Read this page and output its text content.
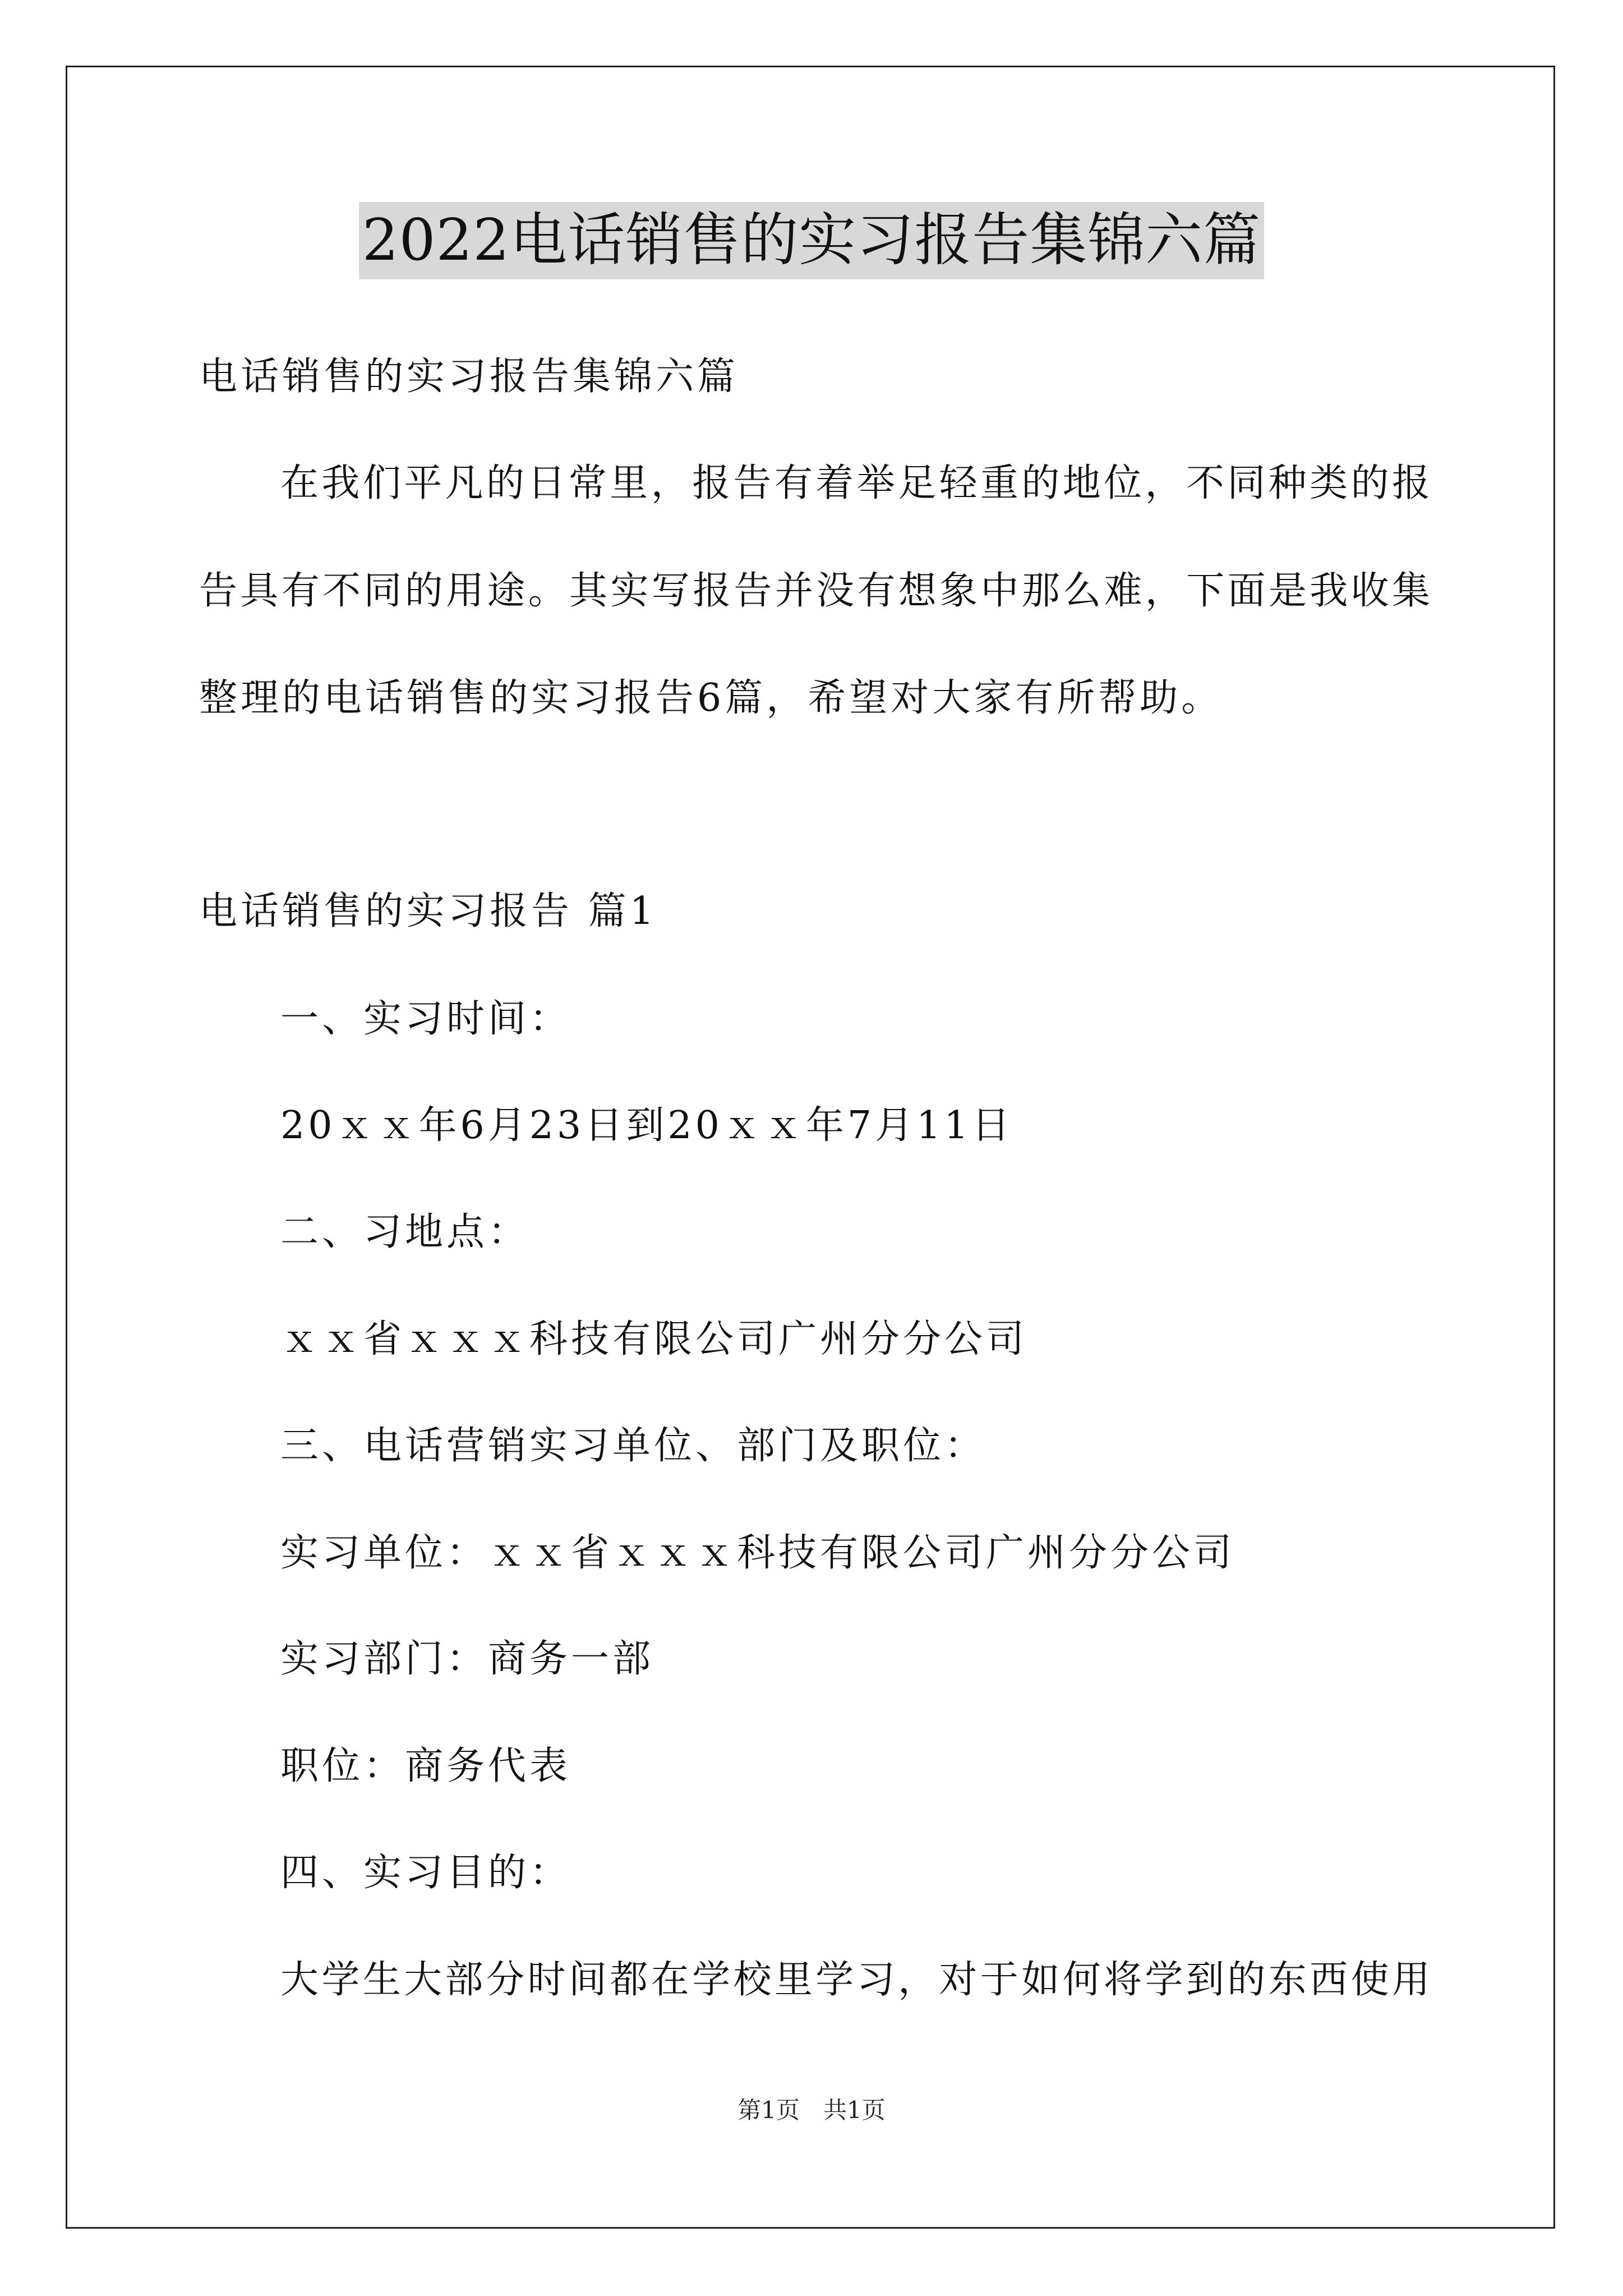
2022电话销售的实习报告集锦六篇
电话销售的实习报告集锦六篇
在我们平凡的日常里，报告有着举足轻重的地位，不同种类的报
告具有不同的用途。其实写报告并没有想象中那么难，下面是我收集
整理的电话销售的实习报告6篇，希望对大家有所帮助。
电话销售的实习报告 篇1
一、实习时间：
20ｘｘ年6月23日到20ｘｘ年7月11日
二、习地点：
ｘｘ省ｘｘｘ科技有限公司广州分分公司
三、电话营销实习单位、部门及职位：
实习单位：ｘｘ省ｘｘｘ科技有限公司广州分分公司
实习部门：商务一部
职位：商务代表
四、实习目的：
大学生大部分时间都在学校里学习，对于如何将学到的东西使用
第1页　共1页
